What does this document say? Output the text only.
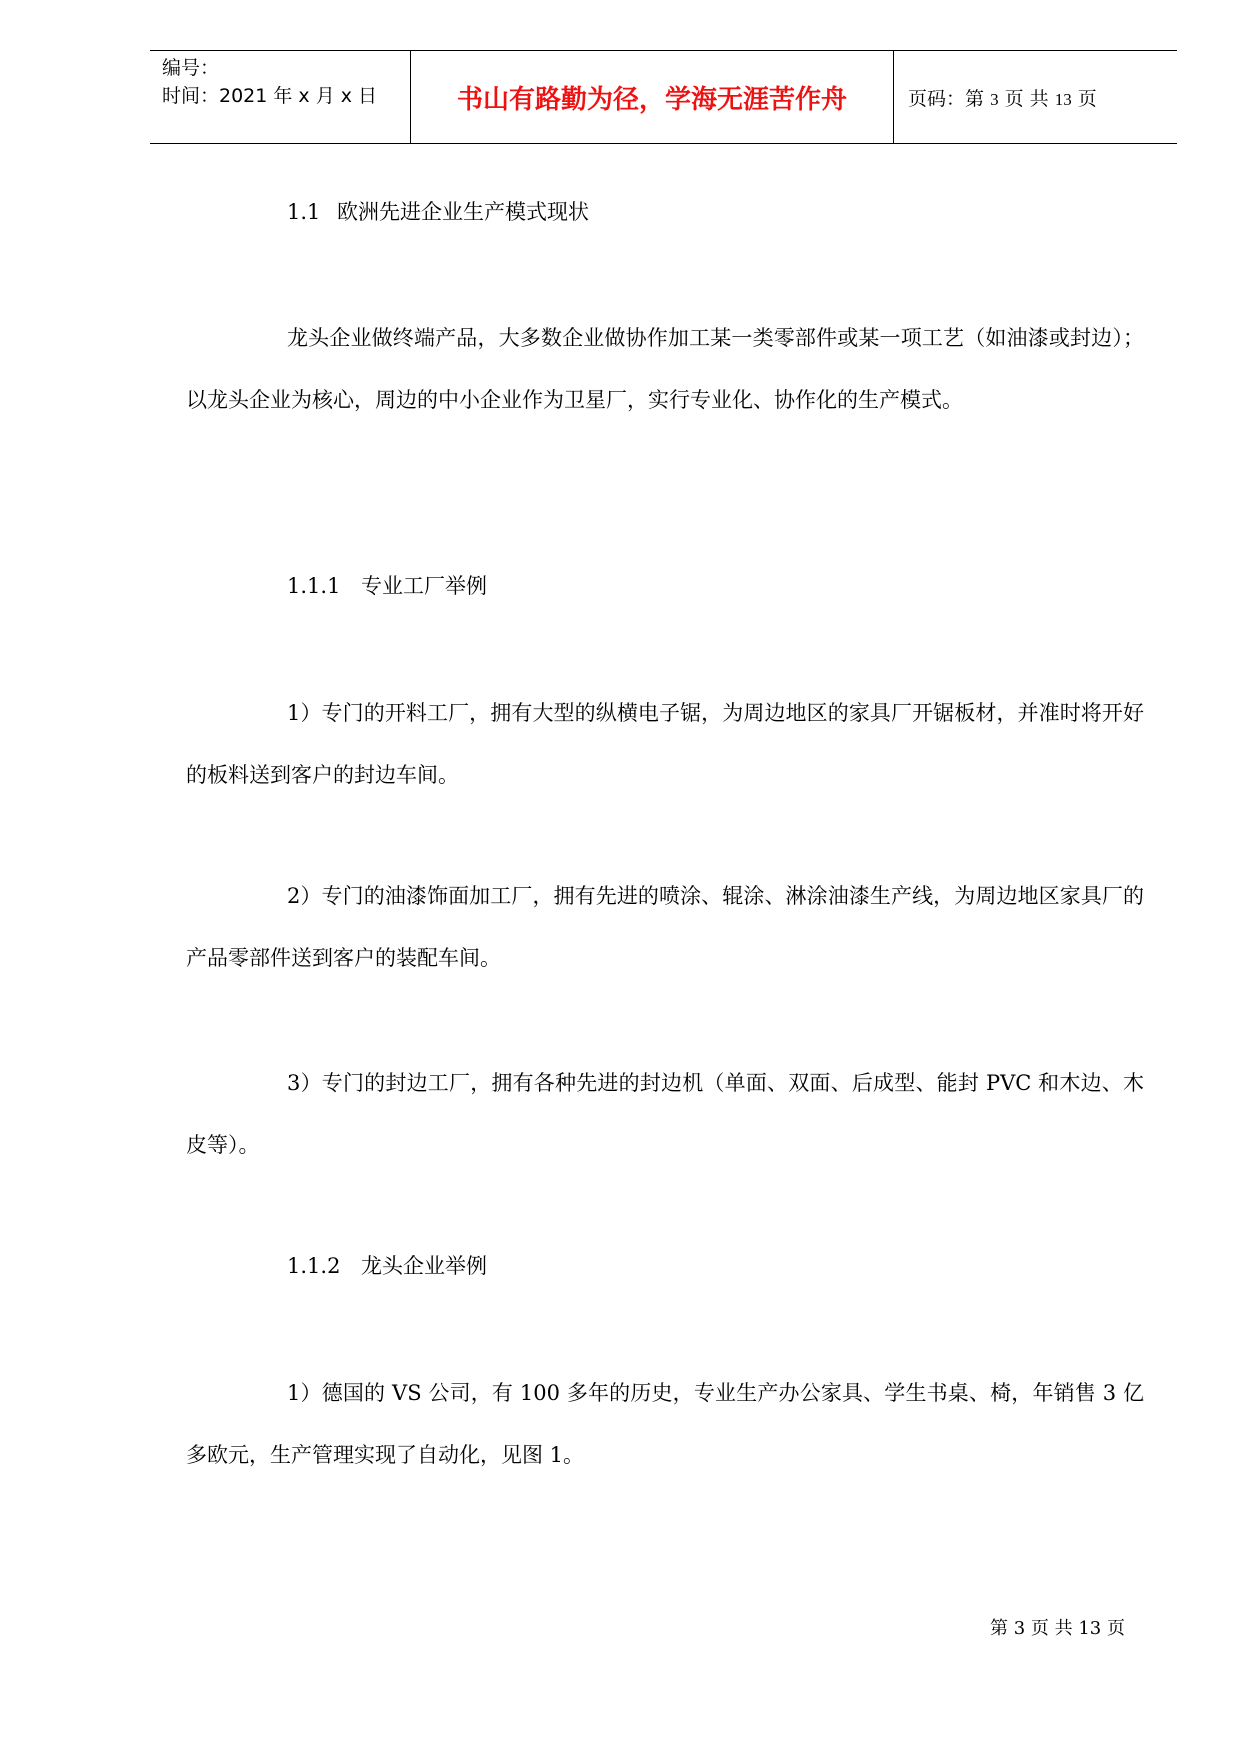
编号：
时间：2021 年 x 月 x 日	书山有路勤为径，学海无涯苦作舟	页码：第 3 页 共 13 页
1.1 欧洲先进企业生产模式现状
龙头企业做终端产品，大多数企业做协作加工某一类零部件或某一项工艺（如油漆或封边）；以龙头企业为核心，周边的中小企业作为卫星厂，实行专业化、协作化的生产模式。
1.1.1 专业工厂举例
1）专门的开料工厂，拥有大型的纵横电子锯，为周边地区的家具厂开锯板材，并准时将开好的板料送到客户的封边车间。
2）专门的油漆饰面加工厂，拥有先进的喷涂、辊涂、淋涂油漆生产线，为周边地区家具厂的产品零部件送到客户的装配车间。
3）专门的封边工厂，拥有各种先进的封边机（单面、双面、后成型、能封 PVC 和木边、木皮等）。
1.1.2 龙头企业举例
1）德国的 VS 公司，有 100 多年的历史，专业生产办公家具、学生书桌、椅，年销售 3 亿多欧元，生产管理实现了自动化，见图 1。
第 3 页 共 13 页
